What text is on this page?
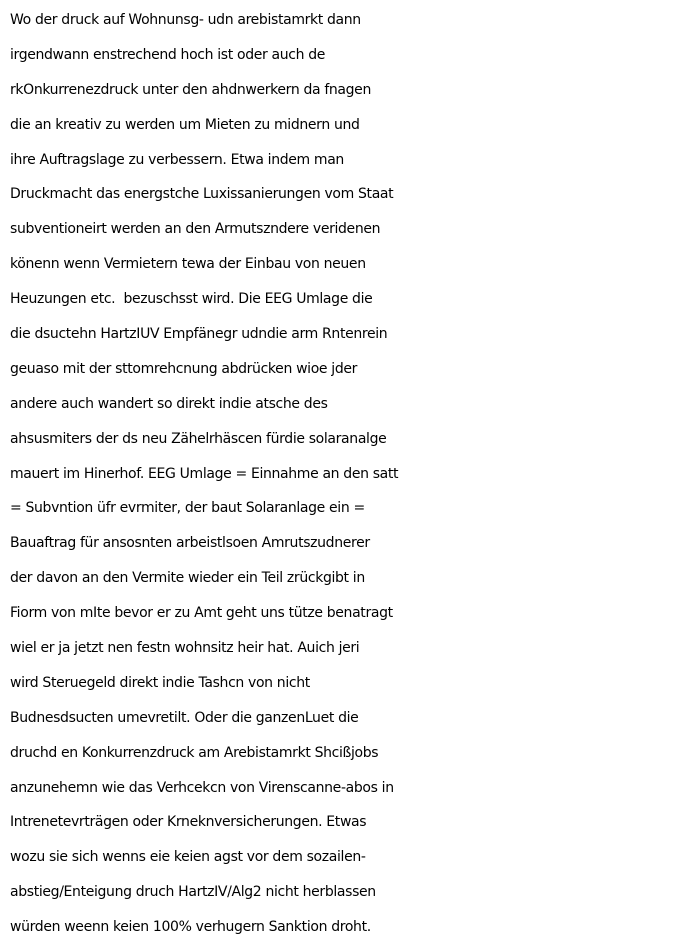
Wo der druck auf Wohnunsg- udn arebistamrkt dann
irgendwann enstrechend hoch ist oder auch de
rkOnkurrenezdruck unter den ahdnwerkern da fnagen
die an kreativ zu werden um Mieten zu midnern und
ihre Auftragslage zu verbessern. Etwa indem man
Druckmacht das energstche Luxissanierungen vom Staat
subventioneirt werden an den Armutszndere veridenen
könenn wenn Vermietern tewa der Einbau von neuen
Heuzungen etc.  bezuschsst wird. Die EEG Umlage die
die dsuctehn HartzIUV Empfänegr udndie arm Rntenrein
geuaso mit der sttomrehcnung abdrücken wioe jder
andere auch wandert so direkt indie atsche des
ahsusmiters der ds neu Zähelrhäscen fürdie solaranalge
mauert im Hinerhof. EEG Umlage = Einnahme an den satt
= Subvntion üfr evrmiter, der baut Solaranlage ein =
Bauaftrag für ansosnten arbeistlsoen Amrutszudnerer
der davon an den Vermite wieder ein Teil zrückgibt in
Fiorm von mIte bevor er zu Amt geht uns tütze benatragt
wiel er ja jetzt nen festn wohnsitz heir hat. Auich jeri
wird Steruegeld direkt indie Tashcn von nicht
Budnesdsucten umevretilt. Oder die ganzenLuet die
druchd en Konkurrenzdruck am Arebistamrkt Shcißjobs
anzunehemn wie das Verhcekcn von Virenscanne-abos in
Intrenetevrträgen oder Krneknversicherungen. Etwas
wozu sie sich wenns eie keien agst vor dem sozailen-
abstieg/Enteigung druch HartzIV/Alg2 nicht herblassen
würden weenn keien 100% verhugern Sanktion droht.
